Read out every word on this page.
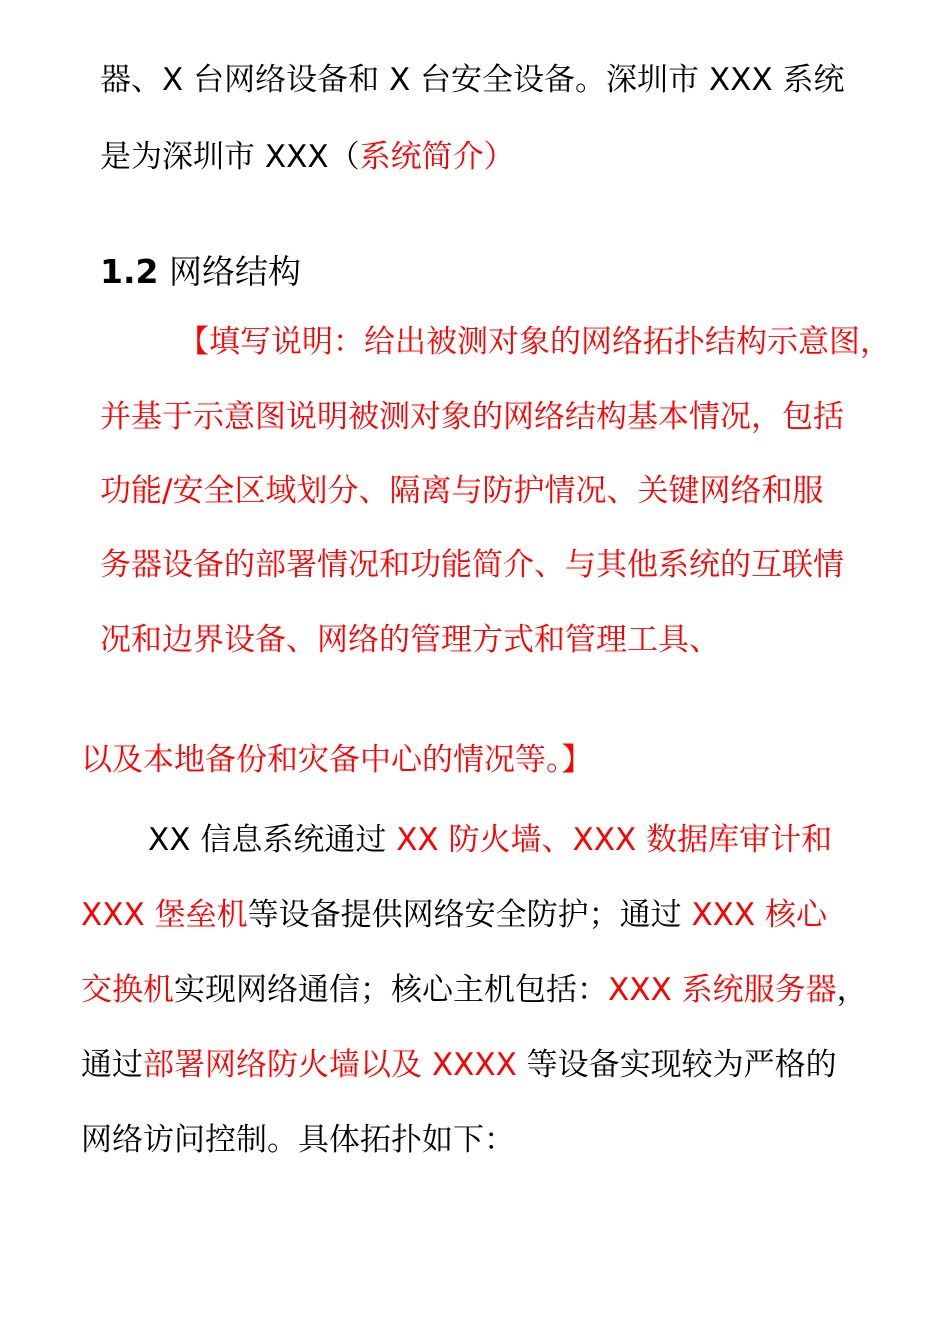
器、X 台网络设备和 X 台安全设备。深圳市 XXX 系统
是为深圳市 XXX（系统简介）
1.2 网络结构
【填写说明：给出被测对象的网络拓扑结构示意图，
并基于示意图说明被测对象的网络结构基本情况，包括
功能/安全区域划分、隔离与防护情况、关键网络和服
务器设备的部署情况和功能简介、与其他系统的互联情
况和边界设备、网络的管理方式和管理工具、
以及本地备份和灾备中心的情况等。】
XX 信息系统通过 XX 防火墙、XXX 数据库审计和
XXX 堡垒机等设备提供网络安全防护；通过 XXX 核心
交换机实现网络通信；核心主机包括：XXX 系统服务器，
通过部署网络防火墙以及 XXXX 等设备实现较为严格的
网络访问控制。具体拓扑如下：
